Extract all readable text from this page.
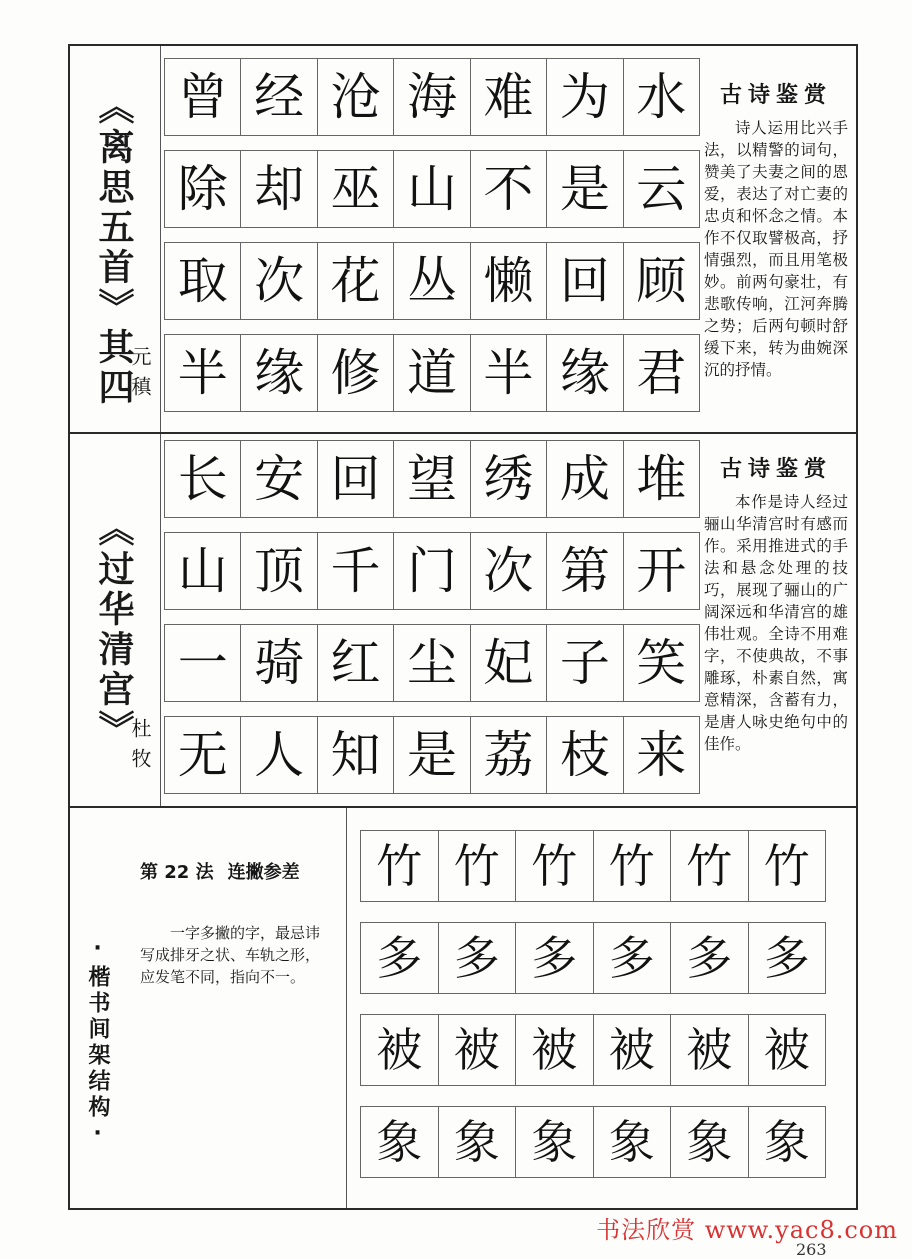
《离思五首》其四
元稹
曾 经 沧 海 难 为 水
除 却 巫 山 不 是 云
取 次 花 丛 懒 回 顾
半 缘 修 道 半 缘 君

古诗鉴赏

诗人运用比兴手法，以精警的词句，赞美了夫妻之间的恩爱，表达了对亡妻的忠贞和怀念之情。本作不仅取譬极高，抒情强烈，而且用笔极妙。前两句豪壮，有悲歌传响，江河奔腾之势；后两句顿时舒缓下来，转为曲婉深沉的抒情。

《过华清宫》
杜牧
长 安 回 望 绣 成 堆
山 顶 千 门 次 第 开
一 骑 红 尘 妃 子 笑
无 人 知 是 荔 枝 来

古诗鉴赏

本作是诗人经过骊山华清宫时有感而作。采用推进式的手法和悬念处理的技巧，展现了骊山的广阔深远和华清宫的雄伟壮观。全诗不用难字，不使典故，不事雕琢，朴素自然，寓意精深，含蓄有力，是唐人咏史绝句中的佳作。

第 22 法 连撇参差

一字多撇的字，最忌讳写成排牙之状、车轨之形，应发笔不同，指向不一。

·楷书间架结构·
竹 竹 竹 竹 竹 竹
多 多 多 多 多 多
被 被 被 被 被 被
象 象 象 象 象 象
书法欣赏 www.yac8.com
263
